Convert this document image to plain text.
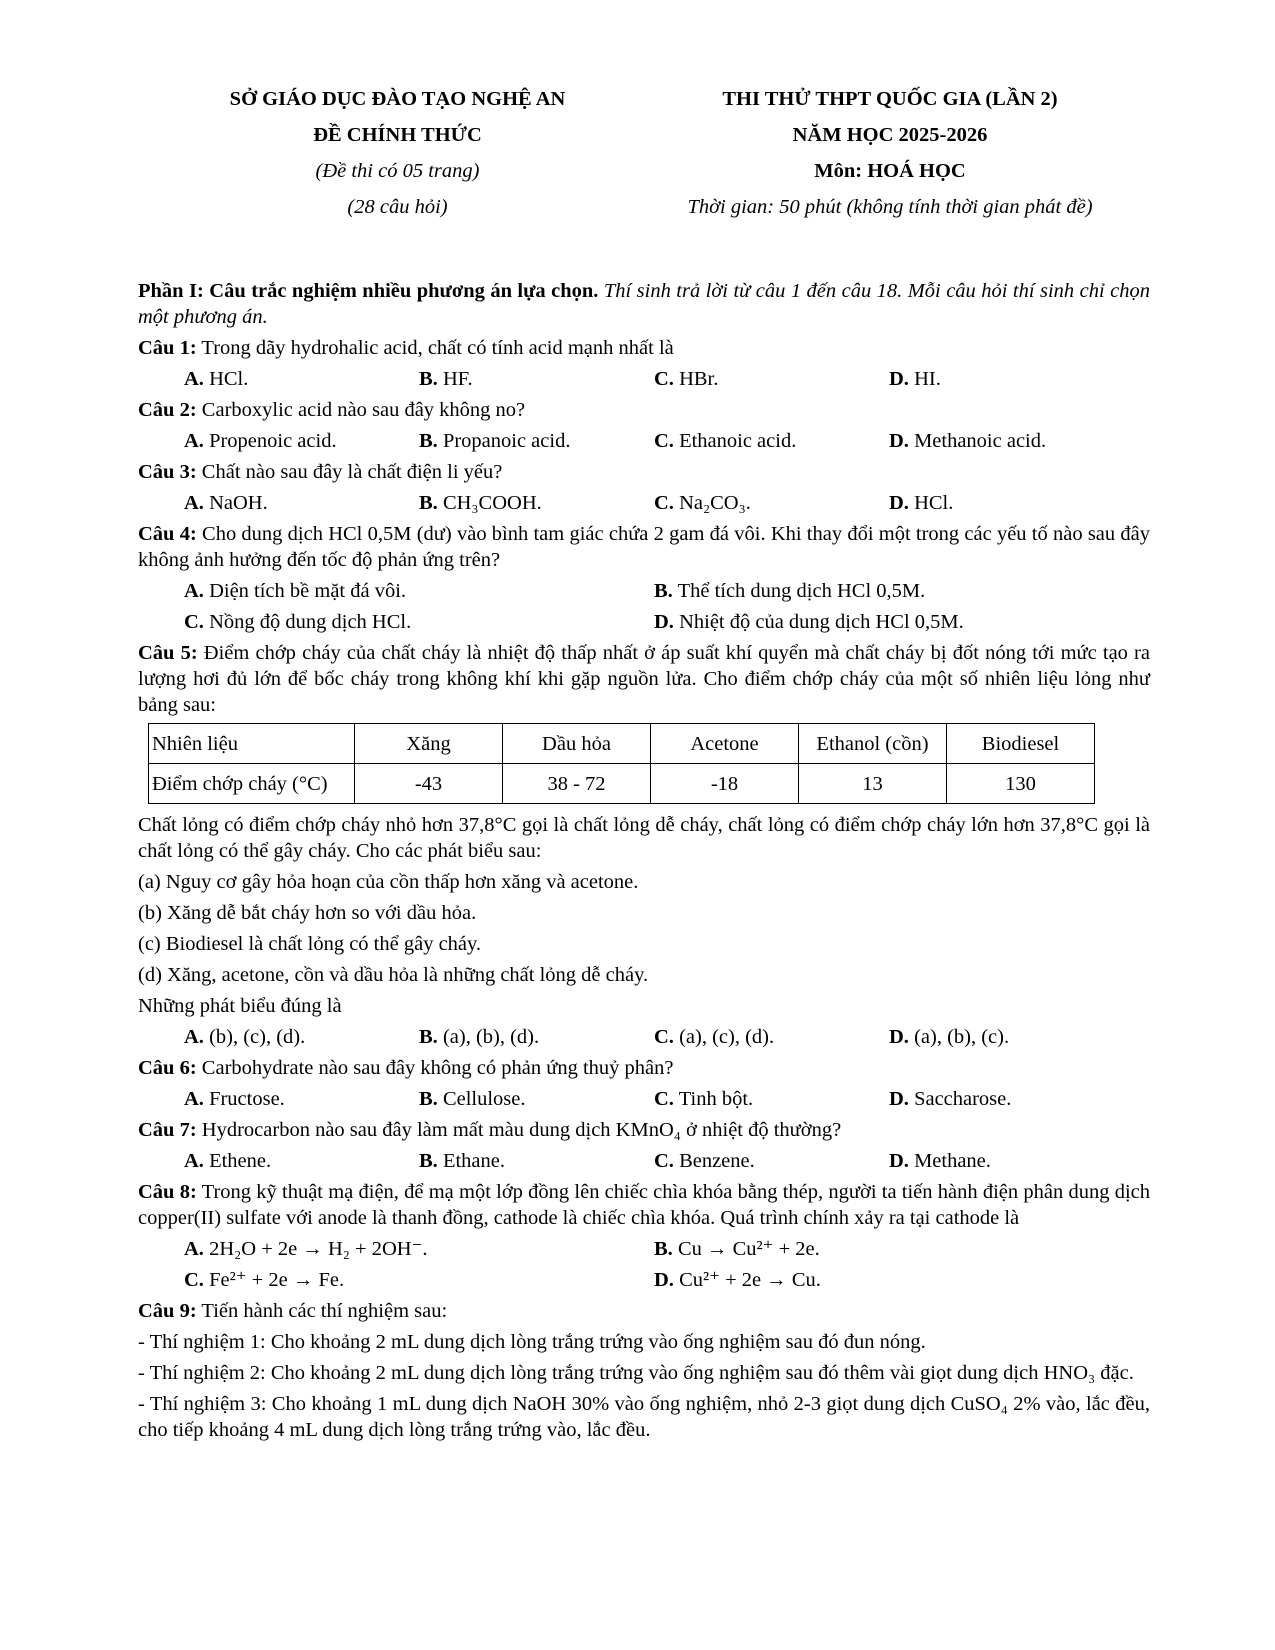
SỞ GIÁO DỤC ĐÀO TẠO NGHỆ AN	THI THỬ THPT QUỐC GIA (LẦN 2)
ĐỀ CHÍNH THỨC	NĂM HỌC 2025-2026
(Đề thi có 05 trang)	Môn: HOÁ HỌC
(28 câu hỏi)	Thời gian: 50 phút (không tính thời gian phát đề)

Phần I: Câu trắc nghiệm nhiều phương án lựa chọn. Thí sinh trả lời từ câu 1 đến câu 18. Mỗi câu hỏi thí sinh chỉ chọn một phương án.

Câu 1: Trong dãy hydrohalic acid, chất có tính acid mạnh nhất là

A. HCl.	B. HF.	C. HBr.	D. HI.

Câu 2: Carboxylic acid nào sau đây không no?

A. Propenoic acid.	B. Propanoic acid.	C. Ethanoic acid.	D. Methanoic acid.

Câu 3: Chất nào sau đây là chất điện li yếu?

A. NaOH.	B. CH₃COOH.	C. Na₂CO₃.	D. HCl.

Câu 4: Cho dung dịch HCl 0,5M (dư) vào bình tam giác chứa 2 gam đá vôi. Khi thay đổi một trong các yếu tố nào sau đây không ảnh hưởng đến tốc độ phản ứng trên?

A. Diện tích bề mặt đá vôi.	B. Thể tích dung dịch HCl 0,5M.
C. Nồng độ dung dịch HCl.	D. Nhiệt độ của dung dịch HCl 0,5M.

Câu 5: Điểm chớp cháy của chất cháy là nhiệt độ thấp nhất ở áp suất khí quyển mà chất cháy bị đốt nóng tới mức tạo ra lượng hơi đủ lớn để bốc cháy trong không khí khi gặp nguồn lửa. Cho điểm chớp cháy của một số nhiên liệu lỏng như bảng sau:

Nhiên liệu	Xăng	Dầu hỏa	Acetone	Ethanol (cồn)	Biodiesel
Điểm chớp cháy (°C)	-43	38 - 72	-18	13	130

Chất lỏng có điểm chớp cháy nhỏ hơn 37,8°C gọi là chất lỏng dễ cháy, chất lỏng có điểm chớp cháy lớn hơn 37,8°C gọi là chất lỏng có thể gây cháy. Cho các phát biểu sau:

(a) Nguy cơ gây hỏa hoạn của cồn thấp hơn xăng và acetone.

(b) Xăng dễ bắt cháy hơn so với dầu hỏa.

(c) Biodiesel là chất lỏng có thể gây cháy.

(d) Xăng, acetone, cồn và dầu hỏa là những chất lỏng dễ cháy.

Những phát biểu đúng là

A. (b), (c), (d).	B. (a), (b), (d).	C. (a), (c), (d).	D. (a), (b), (c).

Câu 6: Carbohydrate nào sau đây không có phản ứng thuỷ phân?

A. Fructose.	B. Cellulose.	C. Tinh bột.	D. Saccharose.

Câu 7: Hydrocarbon nào sau đây làm mất màu dung dịch KMnO₄ ở nhiệt độ thường?

A. Ethene.	B. Ethane.	C. Benzene.	D. Methane.

Câu 8: Trong kỹ thuật mạ điện, để mạ một lớp đồng lên chiếc chìa khóa bằng thép, người ta tiến hành điện phân dung dịch copper(II) sulfate với anode là thanh đồng, cathode là chiếc chìa khóa. Quá trình chính xảy ra tại cathode là

A. 2H₂O + 2e → H₂ + 2OH⁻.	B. Cu → Cu²⁺ + 2e.
C. Fe²⁺ + 2e → Fe.	D. Cu²⁺ + 2e → Cu.

Câu 9: Tiến hành các thí nghiệm sau:

- Thí nghiệm 1: Cho khoảng 2 mL dung dịch lòng trắng trứng vào ống nghiệm sau đó đun nóng.

- Thí nghiệm 2: Cho khoảng 2 mL dung dịch lòng trắng trứng vào ống nghiệm sau đó thêm vài giọt dung dịch HNO₃ đặc.

- Thí nghiệm 3: Cho khoảng 1 mL dung dịch NaOH 30% vào ống nghiệm, nhỏ 2-3 giọt dung dịch CuSO₄ 2% vào, lắc đều, cho tiếp khoảng 4 mL dung dịch lòng trắng trứng vào, lắc đều.
